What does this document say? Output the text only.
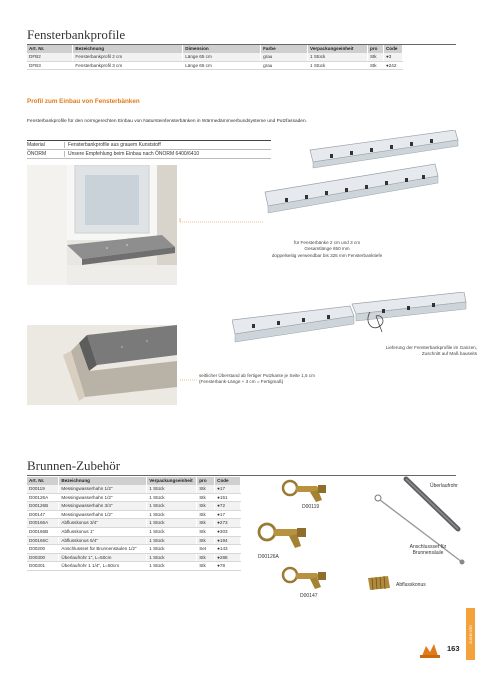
Fensterbankprofile
Art. Nr.	Bezeichnung	Dimension	Farbe	Verpackungseinheit	pro	Code
DFB2	Fensterbankprofil 2 cm	Länge 65 cm	grau	1 Stück	Stk	●3
DFB3	Fensterbankprofil 3 cm	Länge 65 cm	grau	1 Stück	Stk	●242
Profil zum Einbau von Fensterbänken
Fensterbankprofile für den normgerechten Einbau von Natursteinfensterbänken in Wärmedämmverbundsysteme und Putzfassaden.
Material	Fensterbankprofile aus grauem Kunststoff
ÖNORM	Unsere Empfehlung beim Einbau nach ÖNORM 6400/6410
für Fensterbänke 2 cm und 3 cm
Gesamtlänge 650 mm
doppelseitig verwendbar bis 325 mm Fensterbanktiefe
Lieferung der Fensterbankprofile im Ganzen,
Zuschnitt auf Maß bauseits
seitlicher Überstand ab fertiger Putzkante je Seite 1,5 cm
(Fensterbank-Länge + 3 cm = Fertigmaß)
Brunnen-Zubehör
Art. Nr.	Bezeichnung	Verpackungseinheit	pro	Code
D00119	Messingwasserhahn 1/2"	1 Stück	Stk	●17
D00126A	Messingwasserhahn 1/2"	1 Stück	Stk	●151
D00126B	Messingwasserhahn 3/4"	1 Stück	Stk	●72
D00147	Messingwasserhahn 1/2"	1 Stück	Stk	●17
D00166A	Abflusskonus 3/4"	1 Stück	Stk	●273
D00166B	Abflusskonus 1"	1 Stück	Stk	●303
D00166C	Abflusskonus 5/4"	1 Stück	Stk	●194
D00200	Anschlussset für Brunnensäulen 1/2"	1 Stück	Set	●143
D00300	Überlaufrohr 1", L=50cm	1 Stück	Stk	●288
D00301	Überlaufrohr 1 1/4", L=50cm	1 Stück	Stk	●78
D00119
D00126A
D00147
Überlaufrohr
Anschlussset für Brunnensäule
Abflusskonus
163
ZUBEHÖR
